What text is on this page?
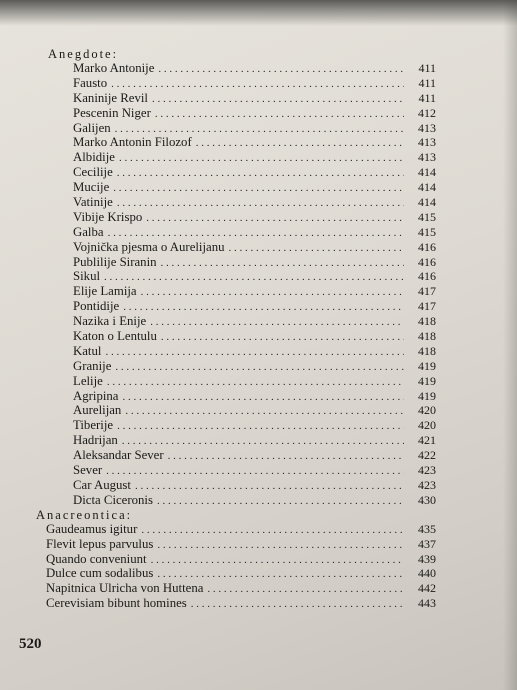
Anegdote:
Marko Antonije . . .	411
Fausto . . .	411
Kaninije Revil . . .	411
Pescenin Niger . . .	412
Galijen . . .	413
Marko Antonin Filozof . . .	413
Albidije . . .	413
Cecilije . . .	414
Mucije . . .	414
Vatinije . . .	414
Vibije Krispo . . .	415
Galba . . .	415
Vojnička pjesma o Aurelijanu . . .	416
Publilije Siranin . . .	416
Sikul . . .	416
Elije Lamija . . .	417
Pontidije . . .	417
Nazika i Enije . . .	418
Katon o Lentulu . . .	418
Katul . . .	418
Granije . . .	419
Lelije . . .	419
Agripina . . .	419
Aurelijan . . .	420
Tiberije . . .	420
Hadrijan . . .	421
Aleksandar Sever . . .	422
Sever . . .	423
Car August . . .	423
Dicta Ciceronis . . .	430
Anacreontica:
Gaudeamus igitur . . .	435
Flevit lepus parvulus . . .	437
Quando conveniunt . . .	439
Dulce cum sodalibus . . .	440
Napitnica Ulricha von Huttena . . .	442
Cerevisiam bibunt homines . . .	443
520
